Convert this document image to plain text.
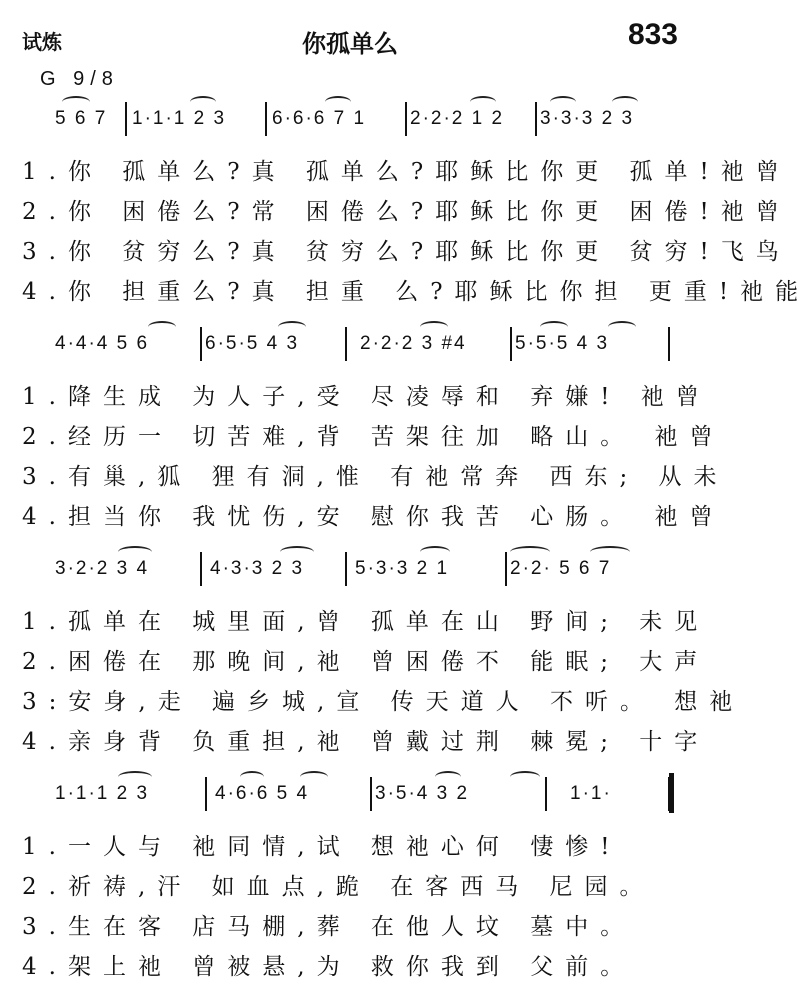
试炼	你孤单么	833
G 9/8
5 6 7 1·1·1 2 3 6·6·6 7 1 2·2·2 1 2 3·3·3 2 3
1.你 孤单么?真 孤单么?耶稣比你更 孤单!祂曾
2.你 困倦么?常 困倦么?耶稣比你更 困倦!祂曾
3.你 贫穷么?真 贫穷么?耶稣比你更 贫穷!飞鸟
4.你 担重么?真 担重 么?耶稣比你担 更重!祂能
4·4·4 5 6	6·5·5 4 3	2·2·2 3 #4	5·5·5 4 3
1.降生成 为人子,受 尽凌辱和 弃嫌! 祂曾
2.经历一 切苦难,背 苦架往加 略山。 祂曾
3.有巢,狐 狸有洞,惟 有祂常奔 西东; 从未
4.担当你 我忧伤,安 慰你我苦 心肠。 祂曾
3·2·2 3 4	4·3·3 2 3	5·3·3 2 1	2·2· 5 6 7
1.孤单在 城里面,曾 孤单在山 野间; 未见
2.困倦在 那晚间,祂 曾困倦不 能眠; 大声
3:安身,走 遍乡城,宣 传天道人 不听。 想祂
4.亲身背 负重担,祂 曾戴过荆 棘冕; 十字
1·1·1 2 3	4·6·6 5 4	3·5·4 3 2	1·1·
1.一人与 祂同情,试 想祂心何 悽惨!
2.祈祷,汗 如血点,跪 在客西马 尼园。
3.生在客 店马棚,葬 在他人坟 墓中。
4.架上祂 曾被悬,为 救你我到 父前。
